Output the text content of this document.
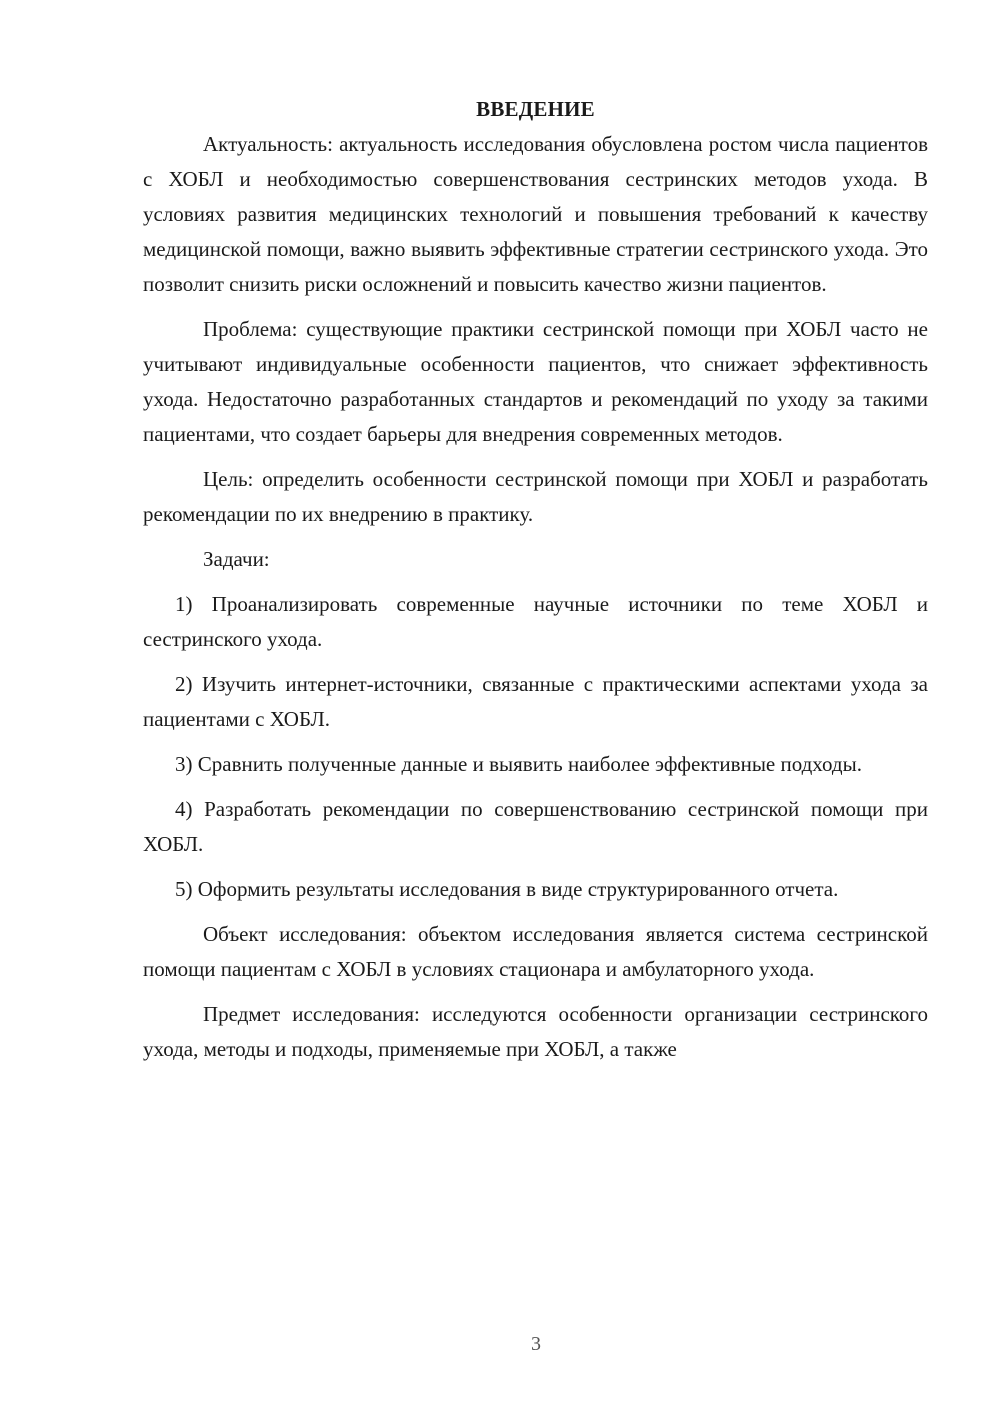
ВВЕДЕНИЕ

Актуальность: актуальность исследования обусловлена ростом числа пациентов с ХОБЛ и необходимостью совершенствования сестринских методов ухода. В условиях развития медицинских технологий и повышения требований к качеству медицинской помощи, важно выявить эффективные стратегии сестринского ухода. Это позволит снизить риски осложнений и повысить качество жизни пациентов.

Проблема: существующие практики сестринской помощи при ХОБЛ часто не учитывают индивидуальные особенности пациентов, что снижает эффективность ухода. Недостаточно разработанных стандартов и рекомендаций по уходу за такими пациентами, что создает барьеры для внедрения современных методов.

Цель: определить особенности сестринской помощи при ХОБЛ и разработать рекомендации по их внедрению в практику.

Задачи:

1) Проанализировать современные научные источники по теме ХОБЛ и сестринского ухода.

2) Изучить интернет-источники, связанные с практическими аспектами ухода за пациентами с ХОБЛ.

3) Сравнить полученные данные и выявить наиболее эффективные подходы.

4) Разработать рекомендации по совершенствованию сестринской помощи при ХОБЛ.

5) Оформить результаты исследования в виде структурированного отчета.

Объект исследования: объектом исследования является система сестринской помощи пациентам с ХОБЛ в условиях стационара и амбулаторного ухода.

Предмет исследования: исследуются особенности организации сестринского ухода, методы и подходы, применяемые при ХОБЛ, а также

3
